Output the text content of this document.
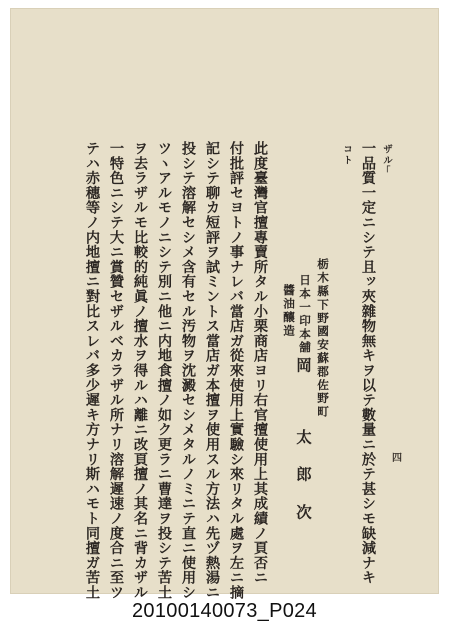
ザル｢
一品質一定ニシテ且ッ夾雜物無キヲ以テ數量ニ於テ甚シモ缺減ナキ
コト
栃木縣下野國安蘇郡佐野町
日本一印本舖
醬油釀造
岡
太
郎
次
此度臺灣官擅專賣所タル小栗商店ヨリ右官擅使用上其成績ノ頁否ニ
付批評セヨトノ事ナレバ當店ガ從來使用上實驗シ來リタル處ヲ左ニ摘
記シテ聊カ短評ヲ試ミントス當店ガ本擅ヲ使用スル方法ハ先ヅ熱湯ニ
投シテ溶解セシメ含有セル汚物ヲ沈澱セシメタルノミニテ直ニ使用シ
ツヽアルモノニシテ別ニ他ニ内地食擅ノ如ク更ラニ曹達ヲ投シテ苦土
ヲ去ラザルモ比較的純眞ノ擅水ヲ得ルハ離ニ改頁擅ノ其名ニ背カザル
一特色ニシテ大ニ賞贊セザルベカラザル所ナリ溶解遲速ノ度合ニ至ツ
テハ赤穗等ノ内地擅ニ對比スレバ多少遲キ方ナリ斯ハモト同擅ガ苦土	四
20100140073_P024
